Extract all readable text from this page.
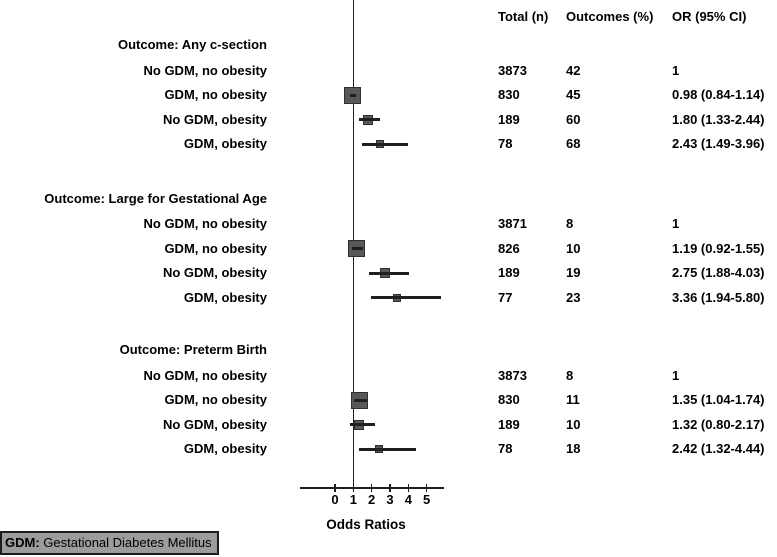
0 1 2 3 4 5
Odds Ratios
Total (n) Outcomes (%) OR (95% CI)
Outcome: Any c-section
No GDM, no obesity	3873	42	1
GDM, no obesity	830	45	0.98 (0.84-1.14)
No GDM, obesity	189	60	1.80 (1.33-2.44)
GDM, obesity	78	68	2.43 (1.49-3.96)
Outcome: Large for Gestational Age
No GDM, no obesity	3871	8	1
GDM, no obesity	826	10	1.19 (0.92-1.55)
No GDM, obesity	189	19	2.75 (1.88-4.03)
GDM, obesity	77	23	3.36 (1.94-5.80)
Outcome: Preterm Birth
No GDM, no obesity	3873	8	1
GDM, no obesity	830	11	1.35 (1.04-1.74)
No GDM, obesity	189	10	1.32 (0.80-2.17)
GDM, obesity	78	18	2.42 (1.32-4.44)
GDM: Gestational Diabetes Mellitus
